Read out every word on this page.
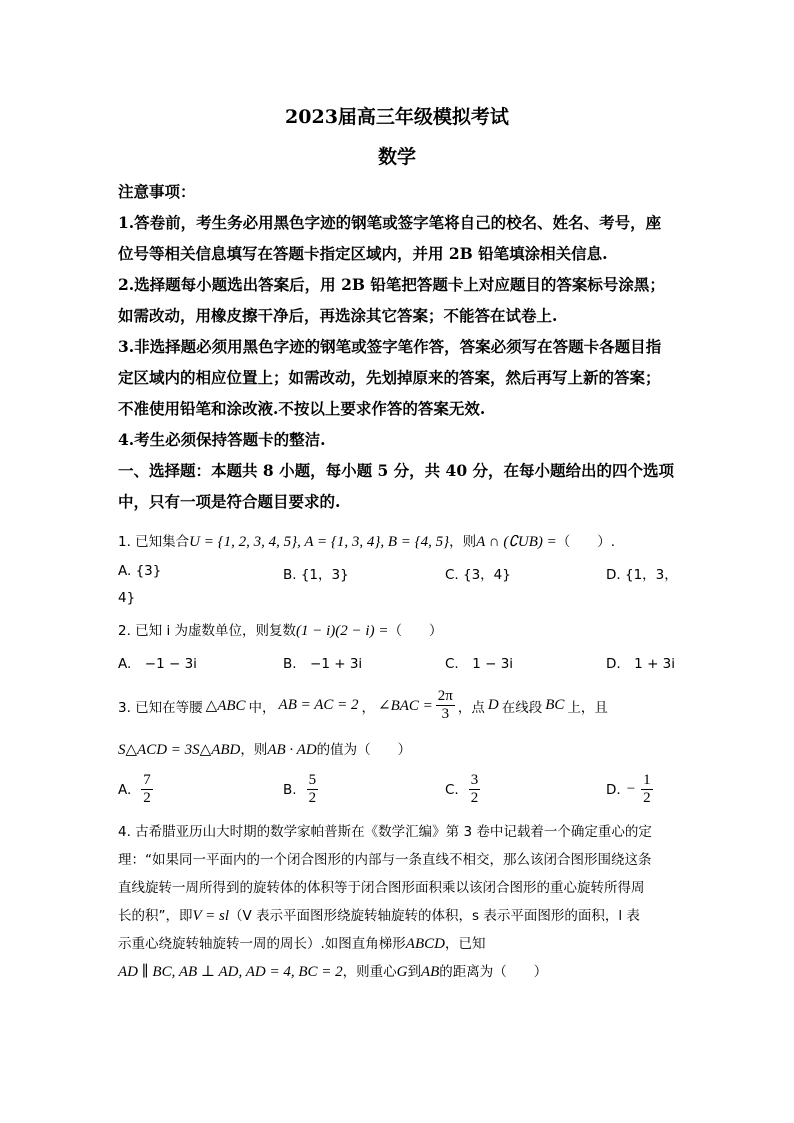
2023届高三年级模拟考试
数学
注意事项：
1.答卷前，考生务必用黑色字迹的钢笔或签字笔将自己的校名、姓名、考号，座
位号等相关信息填写在答题卡指定区域内，并用 2B 铅笔填涂相关信息.
2.选择题每小题选出答案后，用 2B 铅笔把答题卡上对应题目的答案标号涂黑；
如需改动，用橡皮擦干净后，再选涂其它答案；不能答在试卷上.
3.非选择题必须用黑色字迹的钢笔或签字笔作答，答案必须写在答题卡各题目指
定区域内的相应位置上；如需改动，先划掉原来的答案，然后再写上新的答案；
不准使用铅笔和涂改液.不按以上要求作答的答案无效.
4.考生必须保持答题卡的整洁.
一、选择题：本题共 8 小题，每小题 5 分，共 40 分，在每小题给出的四个选项
中，只有一项是符合题目要求的.
1. 已知集合U = {1, 2, 3, 4, 5}, A = {1, 3, 4}, B = {4, 5}，则A ∩ (∁UB) =（　　）.
A. {3}	B. {1，3}	C. {3，4}	D. {1，3，
4}
2. 已知 i 为虚数单位，则复数(1 − i)(2 − i) =（　　）
A.　−1 − 3i	B.　−1 + 3i	C.　1 − 3i	D.　1 + 3i
3. 已知在等腰 △ABC 中， AB = AC = 2 ， ∠BAC = $\frac{2\pi}{3}$ ，点 D 在线段 BC 上，且
S△ACD = 3S△ABD，则AB · AD的值为（　　）
A. $\frac{7}{2}$	B. $\frac{5}{2}$	C. $\frac{3}{2}$	D. − $\frac{1}{2}$
4. 古希腊亚历山大时期的数学家帕普斯在《数学汇编》第 3 卷中记载着一个确定重心的定
理：“如果同一平面内的一个闭合图形的内部与一条直线不相交，那么该闭合图形围绕这条
直线旋转一周所得到的旋转体的体积等于闭合图形面积乘以该闭合图形的重心旋转所得周
长的积”，即V = sl（V 表示平面图形绕旋转轴旋转的体积，s 表示平面图形的面积，l 表
示重心绕旋转轴旋转一周的周长）.如图直角梯形ABCD，已知
AD ∥ BC, AB ⊥ AD, AD = 4, BC = 2，则重心G到AB的距离为（　　）
